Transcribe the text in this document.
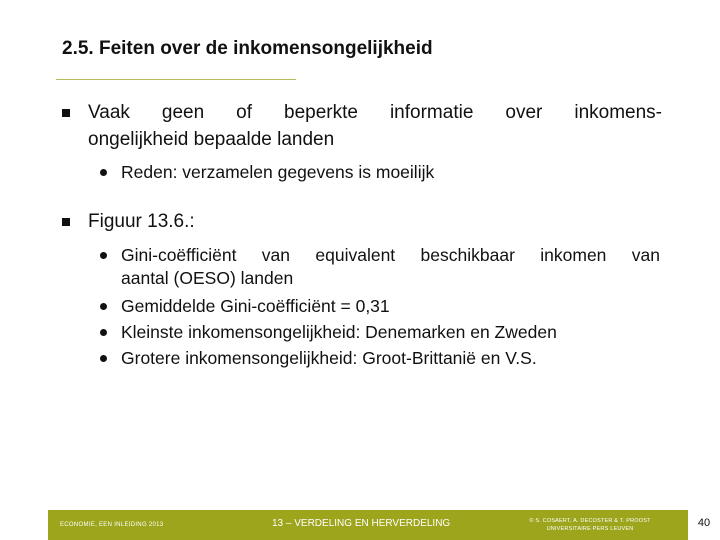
2.5. Feiten over de inkomensongelijkheid
Vaak geen of beperkte informatie over inkomens-
ongelijkheid bepaalde landen
Reden: verzamelen gegevens is moeilijk
Figuur 13.6.:
Gini-coëfficiënt van equivalent beschikbaar inkomen van
aantal (OESO) landen
Gemiddelde Gini-coëfficiënt = 0,31
Kleinste inkomensongelijkheid: Denemarken en Zweden
Grotere inkomensongelijkheid: Groot-Brittanië en V.S.
ECONOMIE, EEN INLEIDING 2013	13 – VERDELING EN HERVERDELING	© S. COSAERT, A. DECOSTER & T. PROOST
UNIVERSITAIRE PERS LEUVEN	40
